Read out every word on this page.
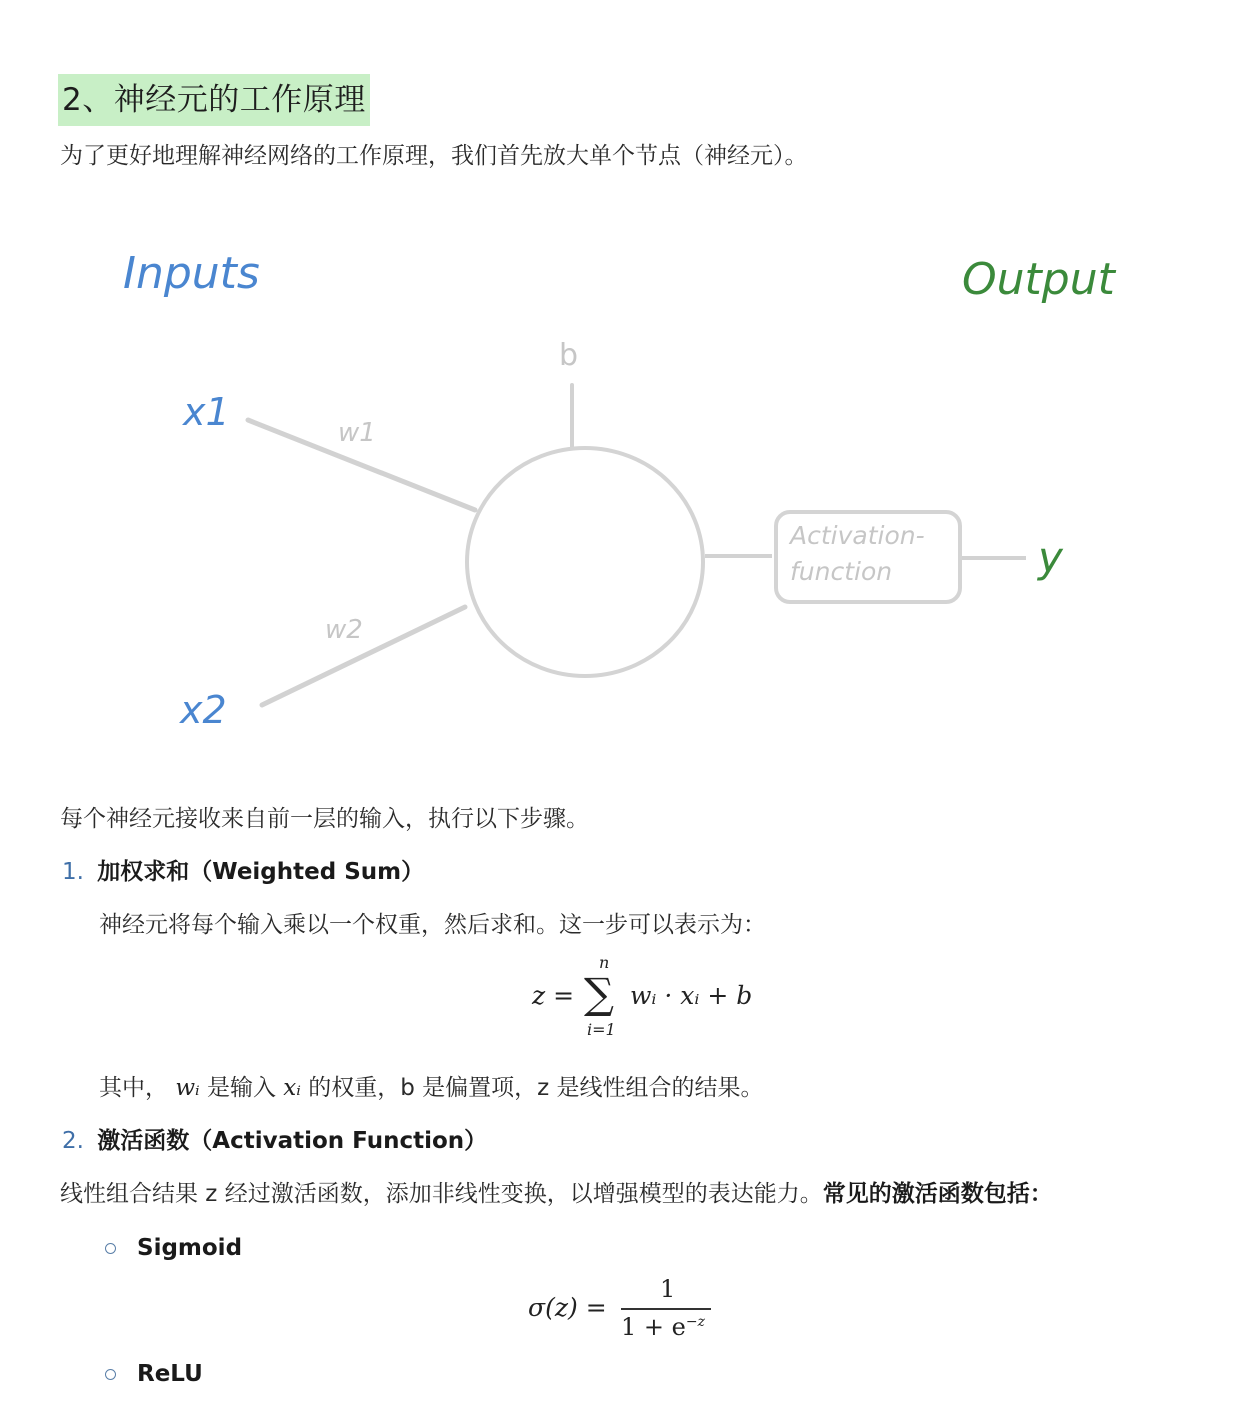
2、神经元的工作原理
为了更好地理解神经网络的工作原理，我们首先放大单个节点（神经元）。
Inputs	Output
x1
x2
w1
w2
b
Activation-
function	y
每个神经元接收来自前一层的输入，执行以下步骤。
1. 加权求和（Weighted Sum）
神经元将每个输入乘以一个权重，然后求和。这一步可以表示为：
z =
n
∑
i=1
wᵢ · xᵢ + b
其中， wᵢ 是输入 xᵢ 的权重，b 是偏置项，z 是线性组合的结果。
2. 激活函数（Activation Function）
线性组合结果 z 经过激活函数，添加非线性变换，以增强模型的表达能力。常见的激活函数包括：
Sigmoid
σ(z) =
1
$1 + e^{-z}$
ReLU
